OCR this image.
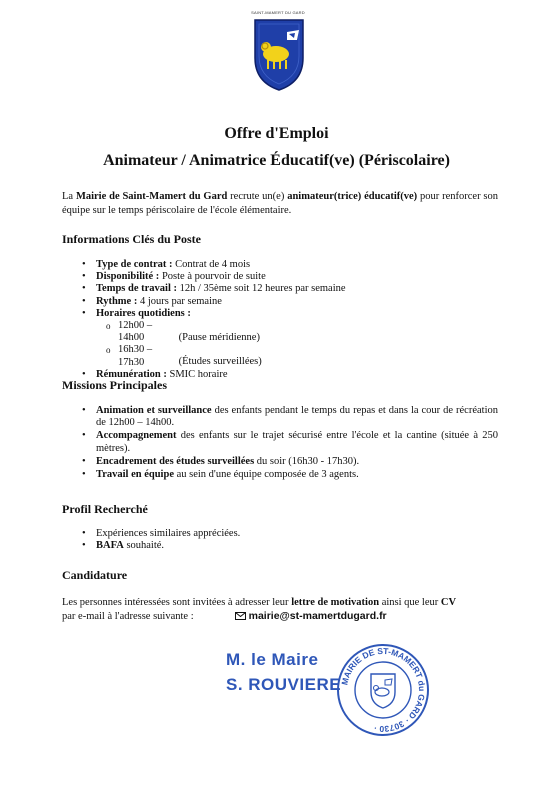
SAINT-MAMERT DU GARD
Offre d'Emploi
Animateur / Animatrice Éducatif(ve) (Périscolaire)

La Mairie de Saint-Mamert du Gard recrute un(e) animateur(trice) éducatif(ve) pour renforcer son équipe sur le temps périscolaire de l'école élémentaire.

Informations Clés du Poste
• Type de contrat : Contrat de 4 mois
• Disponibilité : Poste à pourvoir de suite
• Temps de travail : 12h / 35ème soit 12 heures par semaine
• Rythme : 4 jours par semaine
• Horaires quotidiens :
o 12h00 – 14h00	(Pause méridienne)
o 16h30 – 17h30	(Études surveillées)
• Rémunération : SMIC horaire
Missions Principales
• Animation et surveillance des enfants pendant le temps du repas et dans la cour de récréation de 12h00 – 14h00.
• Accompagnement des enfants sur le trajet sécurisé entre l'école et la cantine (située à 250 mètres).
• Encadrement des études surveillées du soir (16h30 - 17h30).
• Travail en équipe au sein d'une équipe composée de 3 agents.
Profil Recherché
• Expériences similaires appréciées.
• BAFA souhaité.
Candidature
Les personnes intéressées sont invitées à adresser leur lettre de motivation ainsi que leur CV
par e-mail à l'adresse suivante :	mairie@st-mamertdugard.fr
M. le Maire
S. ROUVIERE
MAIRIE DE ST-MAMERT du GARD · 30730 ·
